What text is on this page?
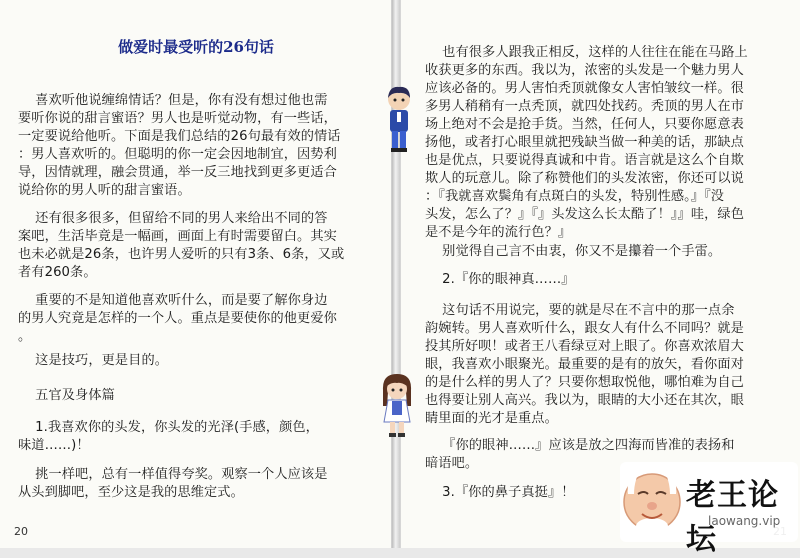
做爱时最受听的26句话

喜欢听他说缠绵情话？但是，你有没有想过他也需
要听你说的甜言蜜语？男人也是听觉动物，有一些话，
一定要说给他听。下面是我们总结的26句最有效的情话
：男人喜欢听的。但聪明的你一定会因地制宜，因势利
导，因情就理，融会贯通，举一反三地找到更多更适合
说给你的男人听的甜言蜜语。

还有很多很多，但留给不同的男人来给出不同的答
案吧，生活毕竟是一幅画，画面上有时需要留白。其实
也未必就是26条，也许男人爱听的只有3条、6条，又或
者有260条。

重要的不是知道他喜欢听什么，而是要了解你身边
的男人究竟是怎样的一个人。重点是要使你的他更爱你
。

这是技巧，更是目的。

五官及身体篇

1.我喜欢你的头发，你头发的光泽(手感，颜色，
味道……)！

挑一样吧，总有一样值得夸奖。观察一个人应该是
从头到脚吧，至少这是我的思维定式。

20

也有很多人跟我正相反，这样的人往往在能在马路上
收获更多的东西。我以为，浓密的头发是一个魅力男人
应该必备的。男人害怕秃顶就像女人害怕皱纹一样。很
多男人稍稍有一点秃顶，就四处找药。秃顶的男人在市
场上绝对不会是抢手货。当然，任何人，只要你愿意表
扬他，或者打心眼里就把残缺当做一种美的话，那缺点
也是优点，只要说得真诚和中肯。语言就是这么个自欺
欺人的玩意儿。除了称赞他们的头发浓密，你还可以说
：『我就喜欢鬓角有点斑白的头发，特别性感。』『没
头发，怎么了？』『』头发这么长太酷了！』』哇，绿色
是不是今年的流行色？』

别觉得自己言不由衷，你又不是攥着一个手雷。

2.『你的眼神真……』

这句话不用说完，要的就是尽在不言中的那一点余
韵婉转。男人喜欢听什么，跟女人有什么不同吗？就是
投其所好呗！或者王八看绿豆对上眼了。你喜欢浓眉大
眼，我喜欢小眼聚光。最重要的是有的放矢，看你面对
的是什么样的男人了？只要你想取悦他，哪怕难为自己
也得要让别人高兴。我以为，眼睛的大小还在其次，眼
睛里面的光才是重点。

『你的眼神……』应该是放之四海而皆准的表扬和
暗语吧。

3.『你的鼻子真挺』！	老王论坛
laowang.vip
